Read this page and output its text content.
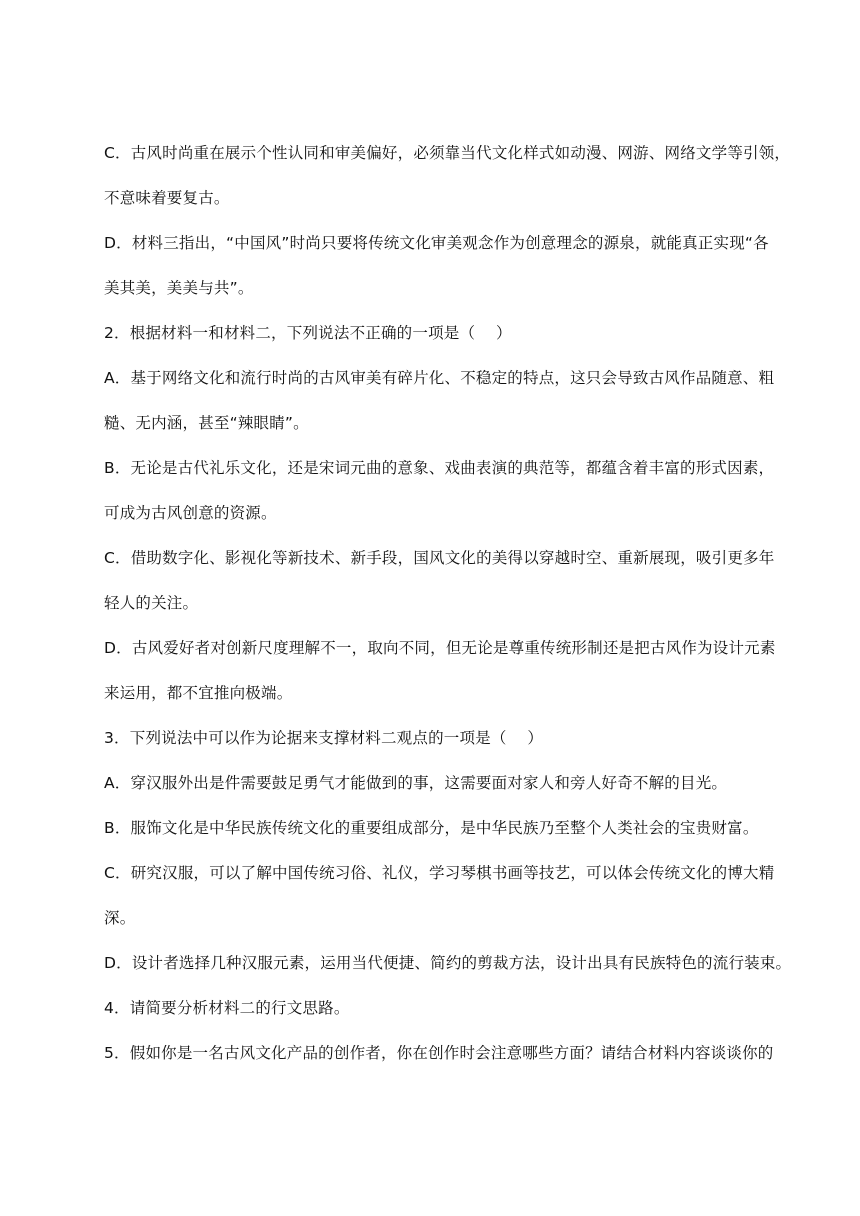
C．古风时尚重在展示个性认同和审美偏好，必须靠当代文化样式如动漫、网游、网络文学等引领，
不意味着要复古。
D．材料三指出，“中国风”时尚只要将传统文化审美观念作为创意理念的源泉，就能真正实现“各
美其美，美美与共”。
2．根据材料一和材料二，下列说法不正确的一项是（　 ）
A．基于网络文化和流行时尚的古风审美有碎片化、不稳定的特点，这只会导致古风作品随意、粗
糙、无内涵，甚至“辣眼睛”。
B．无论是古代礼乐文化，还是宋词元曲的意象、戏曲表演的典范等，都蕴含着丰富的形式因素，
可成为古风创意的资源。
C．借助数字化、影视化等新技术、新手段，国风文化的美得以穿越时空、重新展现，吸引更多年
轻人的关注。
D．古风爱好者对创新尺度理解不一，取向不同，但无论是尊重传统形制还是把古风作为设计元素
来运用，都不宜推向极端。
3．下列说法中可以作为论据来支撑材料二观点的一项是（　 ）
A．穿汉服外出是件需要鼓足勇气才能做到的事，这需要面对家人和旁人好奇不解的目光。
B．服饰文化是中华民族传统文化的重要组成部分，是中华民族乃至整个人类社会的宝贵财富。
C．研究汉服，可以了解中国传统习俗、礼仪，学习琴棋书画等技艺，可以体会传统文化的博大精
深。
D．设计者选择几种汉服元素，运用当代便捷、简约的剪裁方法，设计出具有民族特色的流行装束。
4．请简要分析材料二的行文思路。
5．假如你是一名古风文化产品的创作者，你在创作时会注意哪些方面？请结合材料内容谈谈你的
